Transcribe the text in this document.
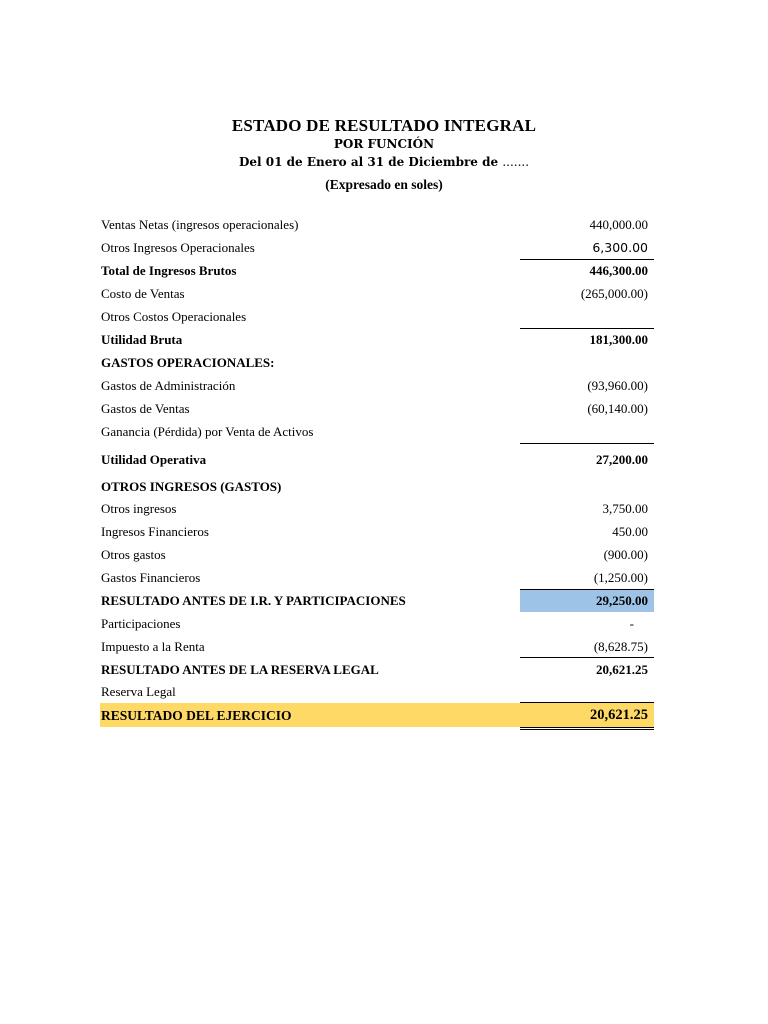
ESTADO DE RESULTADO INTEGRAL
POR FUNCIÓN
Del 01 de Enero al 31 de Diciembre de .......
(Expresado en soles)
Ventas Netas (ingresos operacionales)	440,000.00
Otros Ingresos Operacionales	6,300.00
Total de Ingresos Brutos	446,300.00
Costo de Ventas	(265,000.00)
Otros Costos Operacionales
Utilidad Bruta	181,300.00
GASTOS OPERACIONALES:
Gastos de Administración	(93,960.00)
Gastos de Ventas	(60,140.00)
Ganancia (Pérdida) por Venta de Activos
Utilidad Operativa	27,200.00
OTROS INGRESOS (GASTOS)
Otros ingresos	3,750.00
Ingresos Financieros	450.00
Otros gastos	(900.00)
Gastos Financieros	(1,250.00)
RESULTADO ANTES DE I.R. Y PARTICIPACIONES	29,250.00
Participaciones	-
Impuesto a la Renta	(8,628.75)
RESULTADO ANTES DE LA RESERVA LEGAL	20,621.25
Reserva Legal
RESULTADO DEL EJERCICIO	20,621.25
